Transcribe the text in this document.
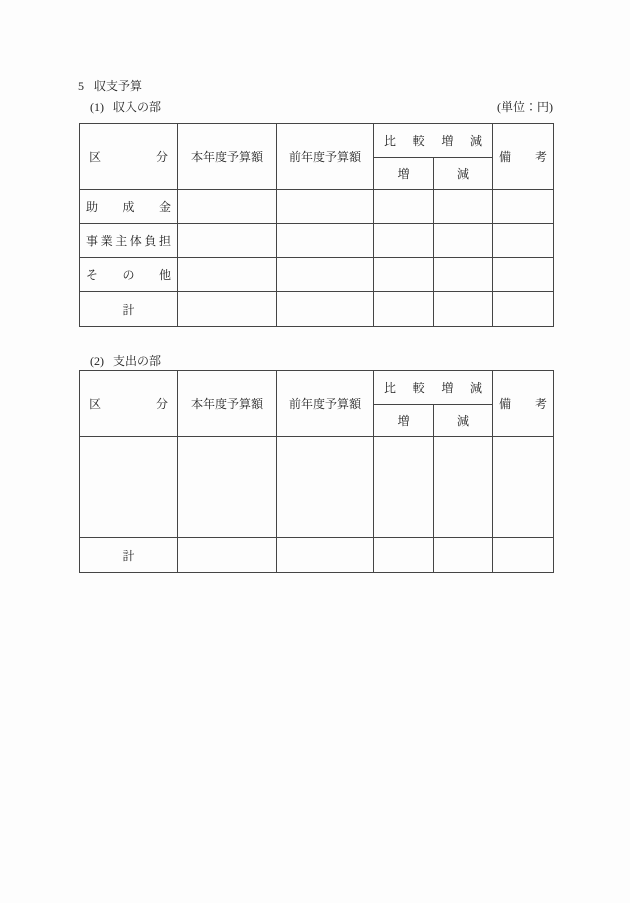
5 収支予算
(1) 収入の部	(単位：円)
区 分	本年度予算額	前年度予算額	比 較 増 減		備 考

			増	減	

助 成 金					

事 業 主 体 負 担

そ の 他					

計					
(2) 支出の部
区 分	本年度予算額	前年度予算額	比 較 増 減		備 考

			増	減	

計					
